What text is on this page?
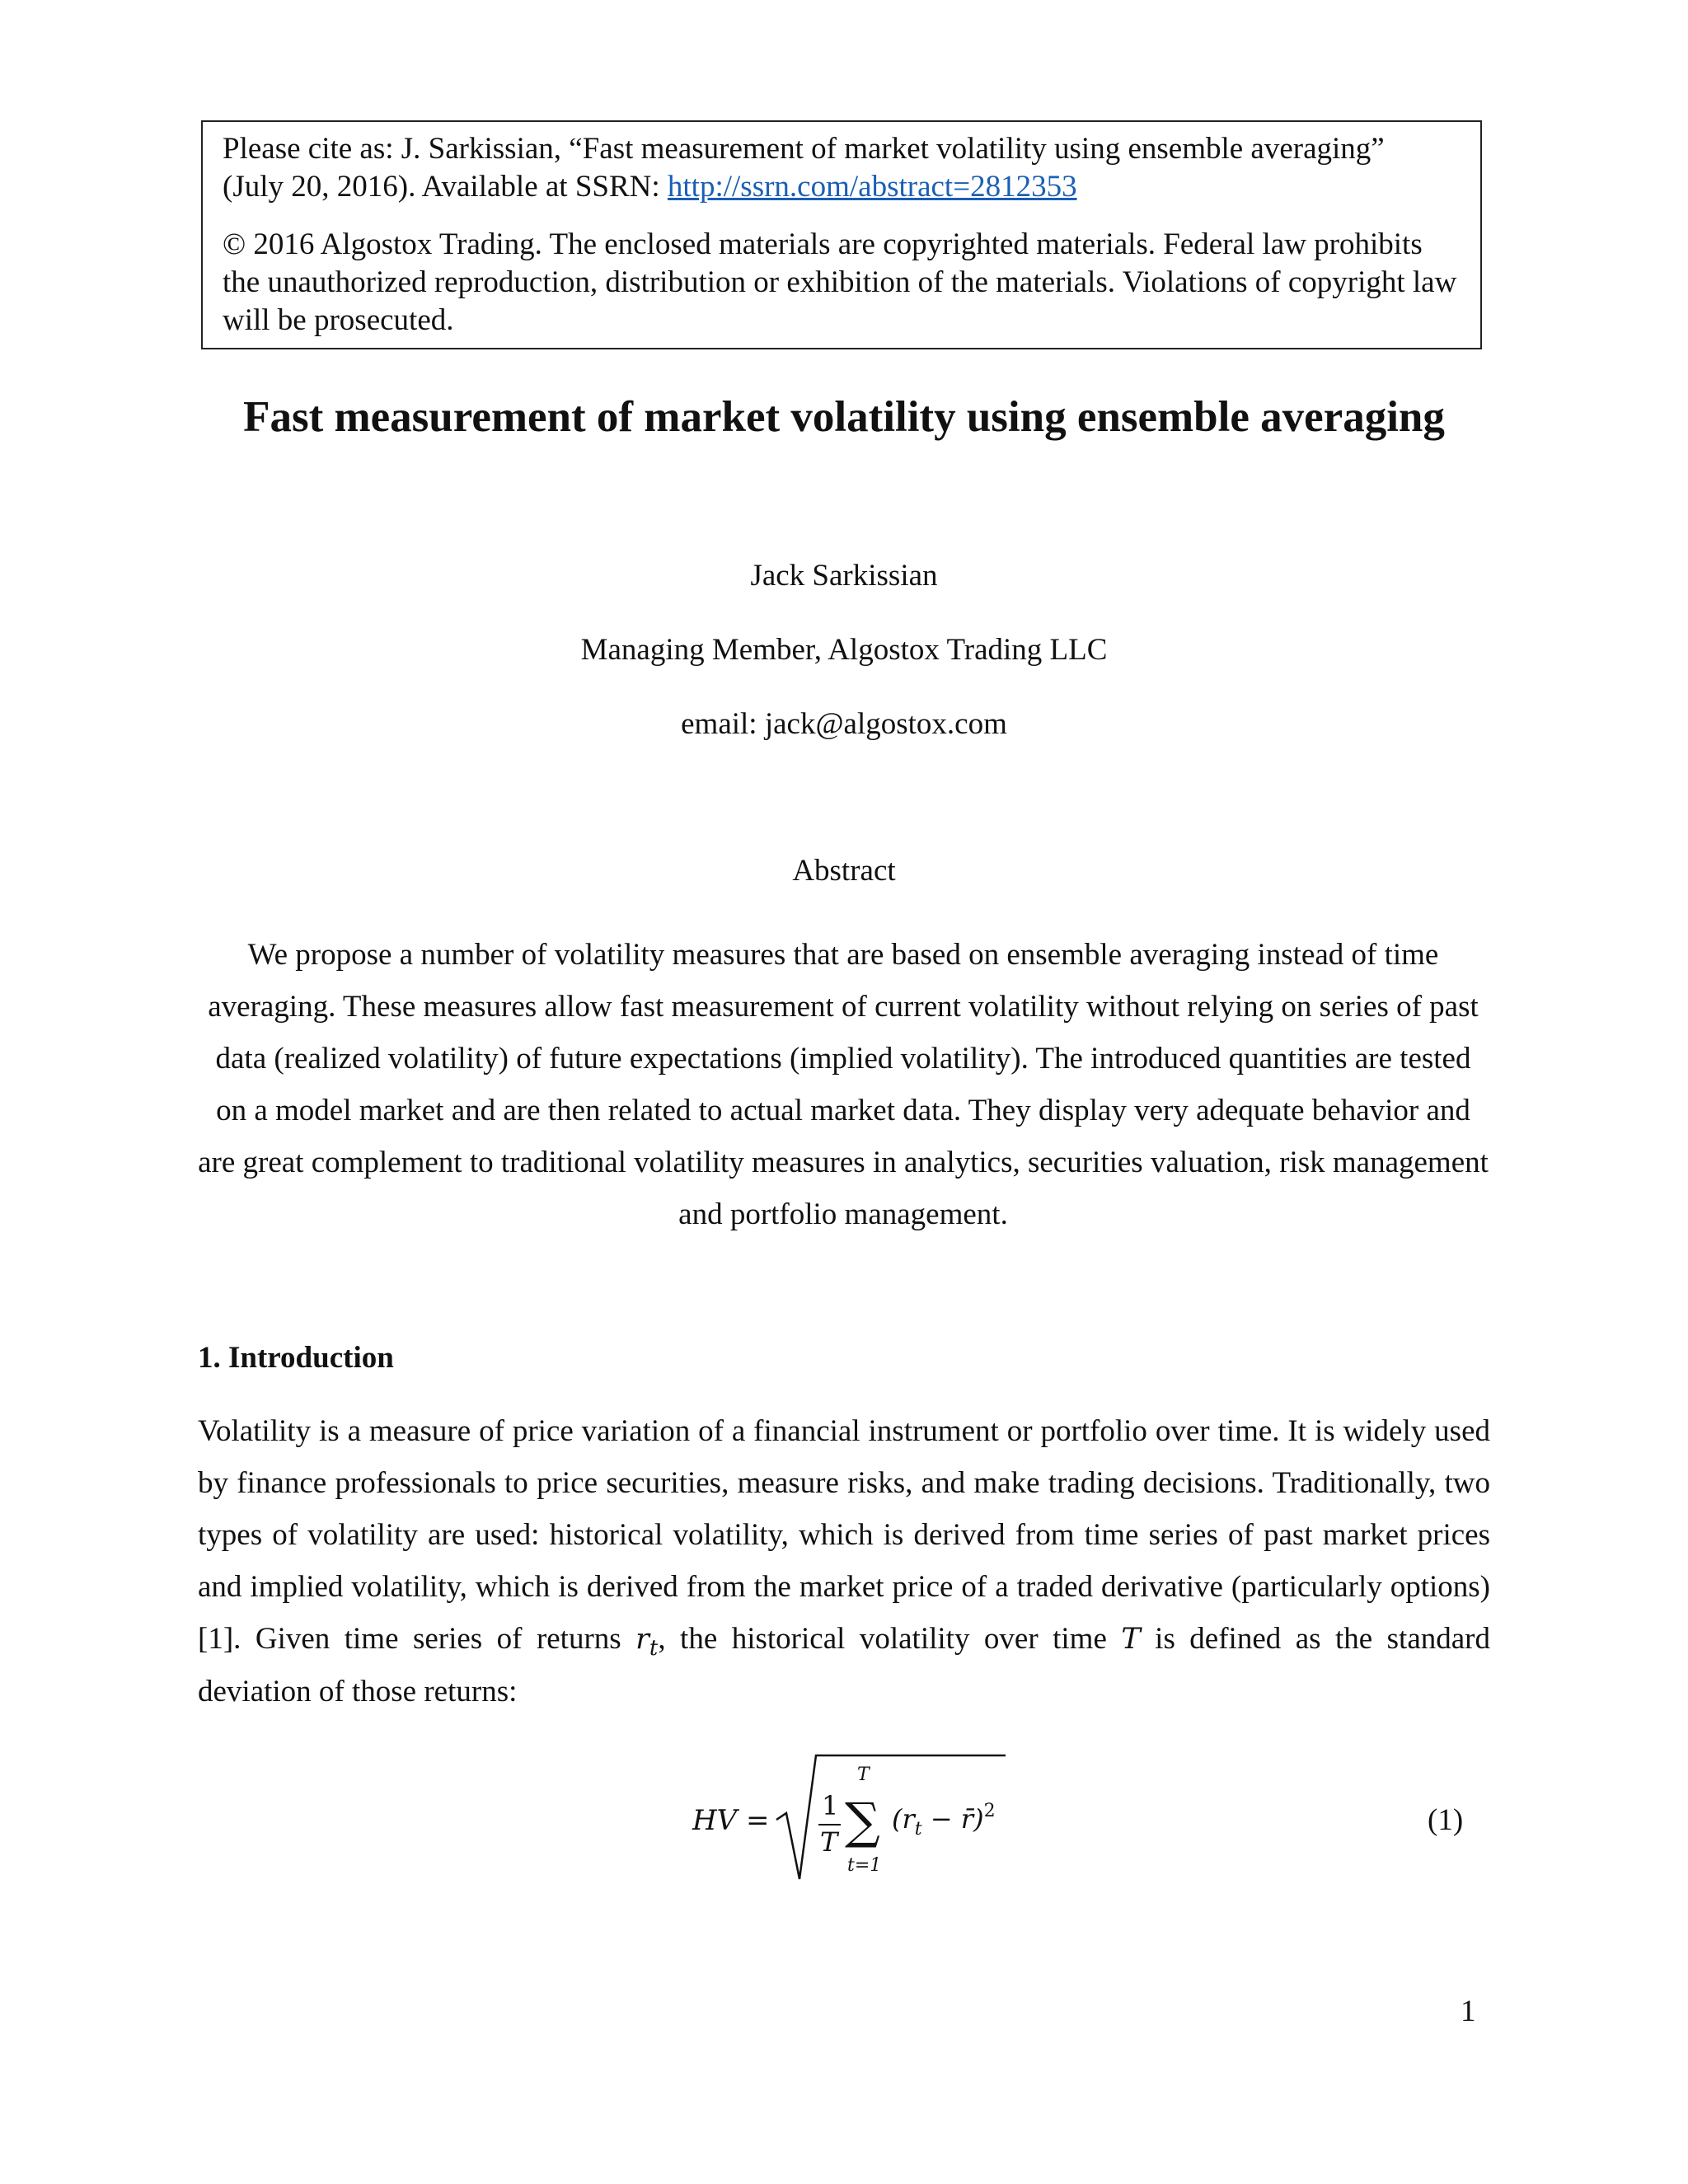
Please cite as: J. Sarkissian, “Fast measurement of market volatility using ensemble averaging”
(July 20, 2016). Available at SSRN: http://ssrn.com/abstract=2812353

© 2016 Algostox Trading. The enclosed materials are copyrighted materials. Federal law prohibits the unauthorized reproduction, distribution or exhibition of the materials. Violations of copyright law will be prosecuted.

Fast measurement of market volatility using ensemble averaging

Jack Sarkissian

Managing Member, Algostox Trading LLC

email: jack@algostox.com

Abstract

We propose a number of volatility measures that are based on ensemble averaging instead of time averaging. These measures allow fast measurement of current volatility without relying on series of past data (realized volatility) of future expectations (implied volatility). The introduced quantities are tested on a model market and are then related to actual market data. They display very adequate behavior and are great complement to traditional volatility measures in analytics, securities valuation, risk management and portfolio management.

1. Introduction

Volatility is a measure of price variation of a financial instrument or portfolio over time. It is widely used by finance professionals to price securities, measure risks, and make trading decisions. Traditionally, two types of volatility are used: historical volatility, which is derived from time series of past market prices and implied volatility, which is derived from the market price of a traded derivative (particularly options) [1]. Given time series of returns $r_t$, the historical volatility over time T is defined as the standard deviation of those returns:

HV = 1
T
T
∑
t=1
($r_t$ − r̄)$^2$	(1)

1
